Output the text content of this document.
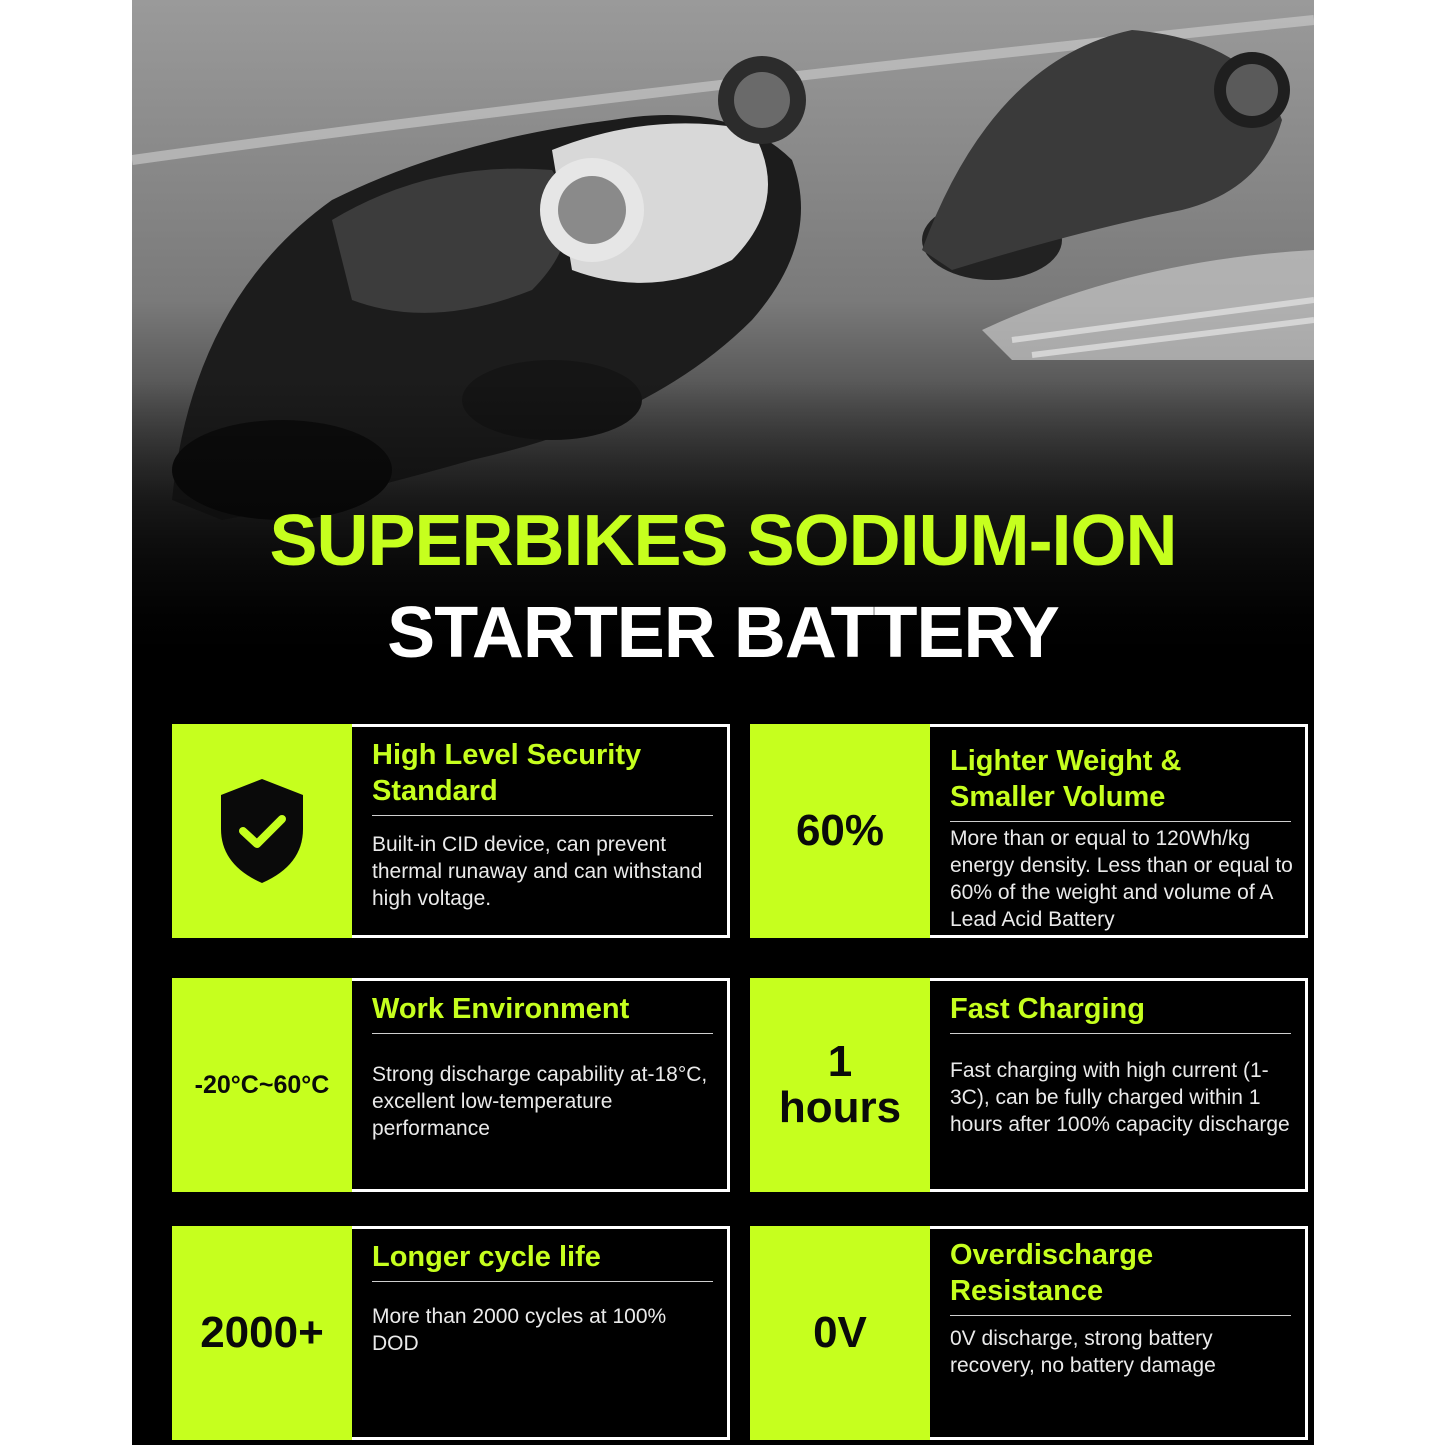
SUPERBIKES SODIUM-ION
STARTER BATTERY
High Level Security Standard
Built-in CID device, can prevent thermal runaway and can withstand high voltage.
60%
Lighter Weight & Smaller Volume
More than or equal to 120Wh/kg energy density. Less than or equal to 60% of the weight and volume of A Lead Acid Battery
-20°C~60°C
Work Environment
Strong discharge capability at-18°C, excellent low-temperature performance
1
hours
Fast Charging
Fast charging with high current (1-3C), can be fully charged within 1 hours after 100% capacity discharge
2000+
Longer cycle life
More than 2000 cycles at 100% DOD	0V
Overdischarge Resistance
0V discharge, strong battery recovery, no battery damage
